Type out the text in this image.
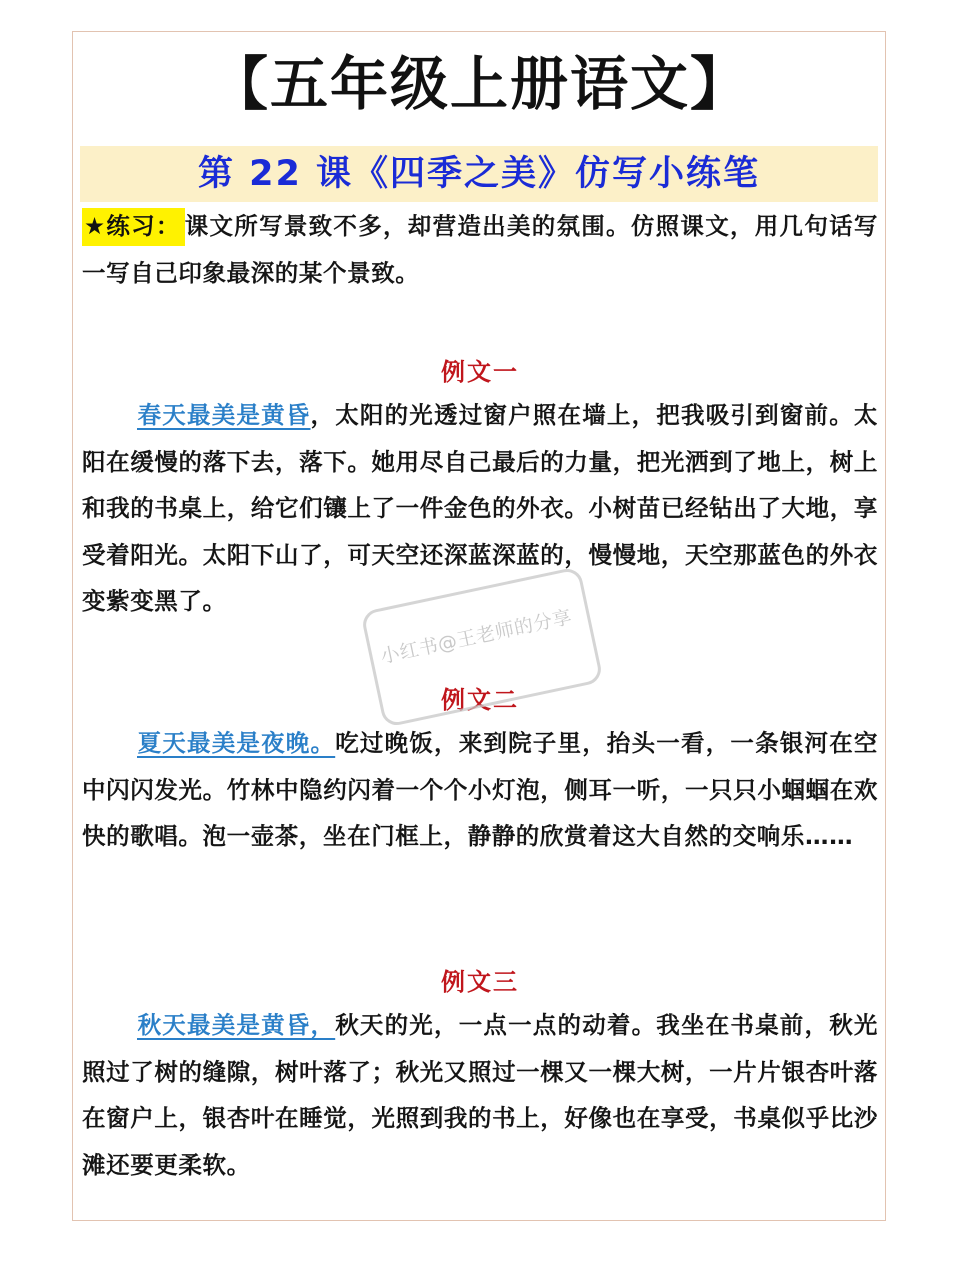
【五年级上册语文】
第 22 课《四季之美》仿写小练笔
★练习： 课文所写景致不多，却营造出美的氛围。仿照课文，用几句话写一写自己印象最深的某个景致。
例文一
春天最美是黄昏，太阳的光透过窗户照在墙上，把我吸引到窗前。太阳在缓慢的落下去，落下。她用尽自己最后的力量，把光洒到了地上，树上和我的书桌上，给它们镶上了一件金色的外衣。小树苗已经钻出了大地，享受着阳光。太阳下山了，可天空还深蓝深蓝的，慢慢地，天空那蓝色的外衣变紫变黑了。
例文二
夏天最美是夜晚。吃过晚饭，来到院子里，抬头一看，一条银河在空中闪闪发光。竹林中隐约闪着一个个小灯泡，侧耳一听，一只只小蝈蝈在欢快的歌唱。泡一壶茶，坐在门框上，静静的欣赏着这大自然的交响乐……
例文三
秋天最美是黄昏，秋天的光，一点一点的动着。我坐在书桌前，秋光照过了树的缝隙，树叶落了；秋光又照过一棵又一棵大树，一片片银杏叶落在窗户上，银杏叶在睡觉，光照到我的书上，好像也在享受，书桌似乎比沙滩还要更柔软。
小红书@王老师的分享
